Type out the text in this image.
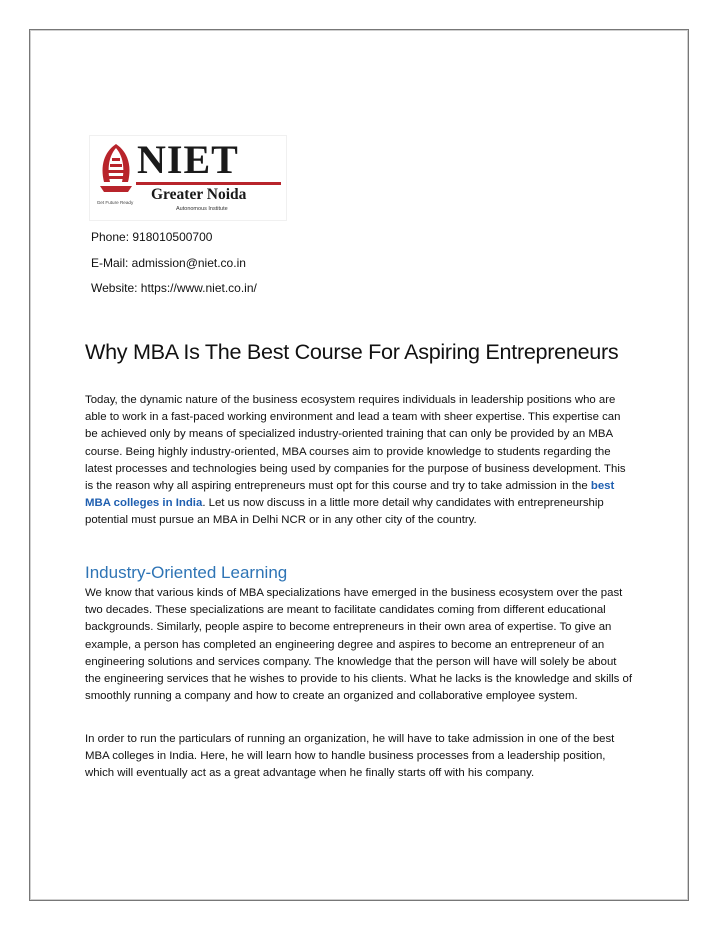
NIET
Greater Noida
Get Future Ready
Autonomous Institute
Phone: 918010500700
E-Mail: admission@niet.co.in
Website: https://www.niet.co.in/
Why MBA Is The Best Course For Aspiring Entrepreneurs

Today, the dynamic nature of the business ecosystem requires individuals in leadership positions who are able to work in a fast-paced working environment and lead a team with sheer expertise. This expertise can be achieved only by means of specialized industry-oriented training that can only be provided by an MBA course. Being highly industry-oriented, MBA courses aim to provide knowledge to students regarding the latest processes and technologies being used by companies for the purpose of business development. This is the reason why all aspiring entrepreneurs must opt for this course and try to take admission in the best MBA colleges in India. Let us now discuss in a little more detail why candidates with entrepreneurship potential must pursue an MBA in Delhi NCR or in any other city of the country.

Industry-Oriented Learning

We know that various kinds of MBA specializations have emerged in the business ecosystem over the past two decades. These specializations are meant to facilitate candidates coming from different educational backgrounds. Similarly, people aspire to become entrepreneurs in their own area of expertise. To give an example, a person has completed an engineering degree and aspires to become an entrepreneur of an engineering solutions and services company. The knowledge that the person will have will solely be about the engineering services that he wishes to provide to his clients. What he lacks is the knowledge and skills of smoothly running a company and how to create an organized and collaborative employee system.

In order to run the particulars of running an organization, he will have to take admission in one of the best MBA colleges in India. Here, he will learn how to handle business processes from a leadership position, which will eventually act as a great advantage when he finally starts off with his company.
